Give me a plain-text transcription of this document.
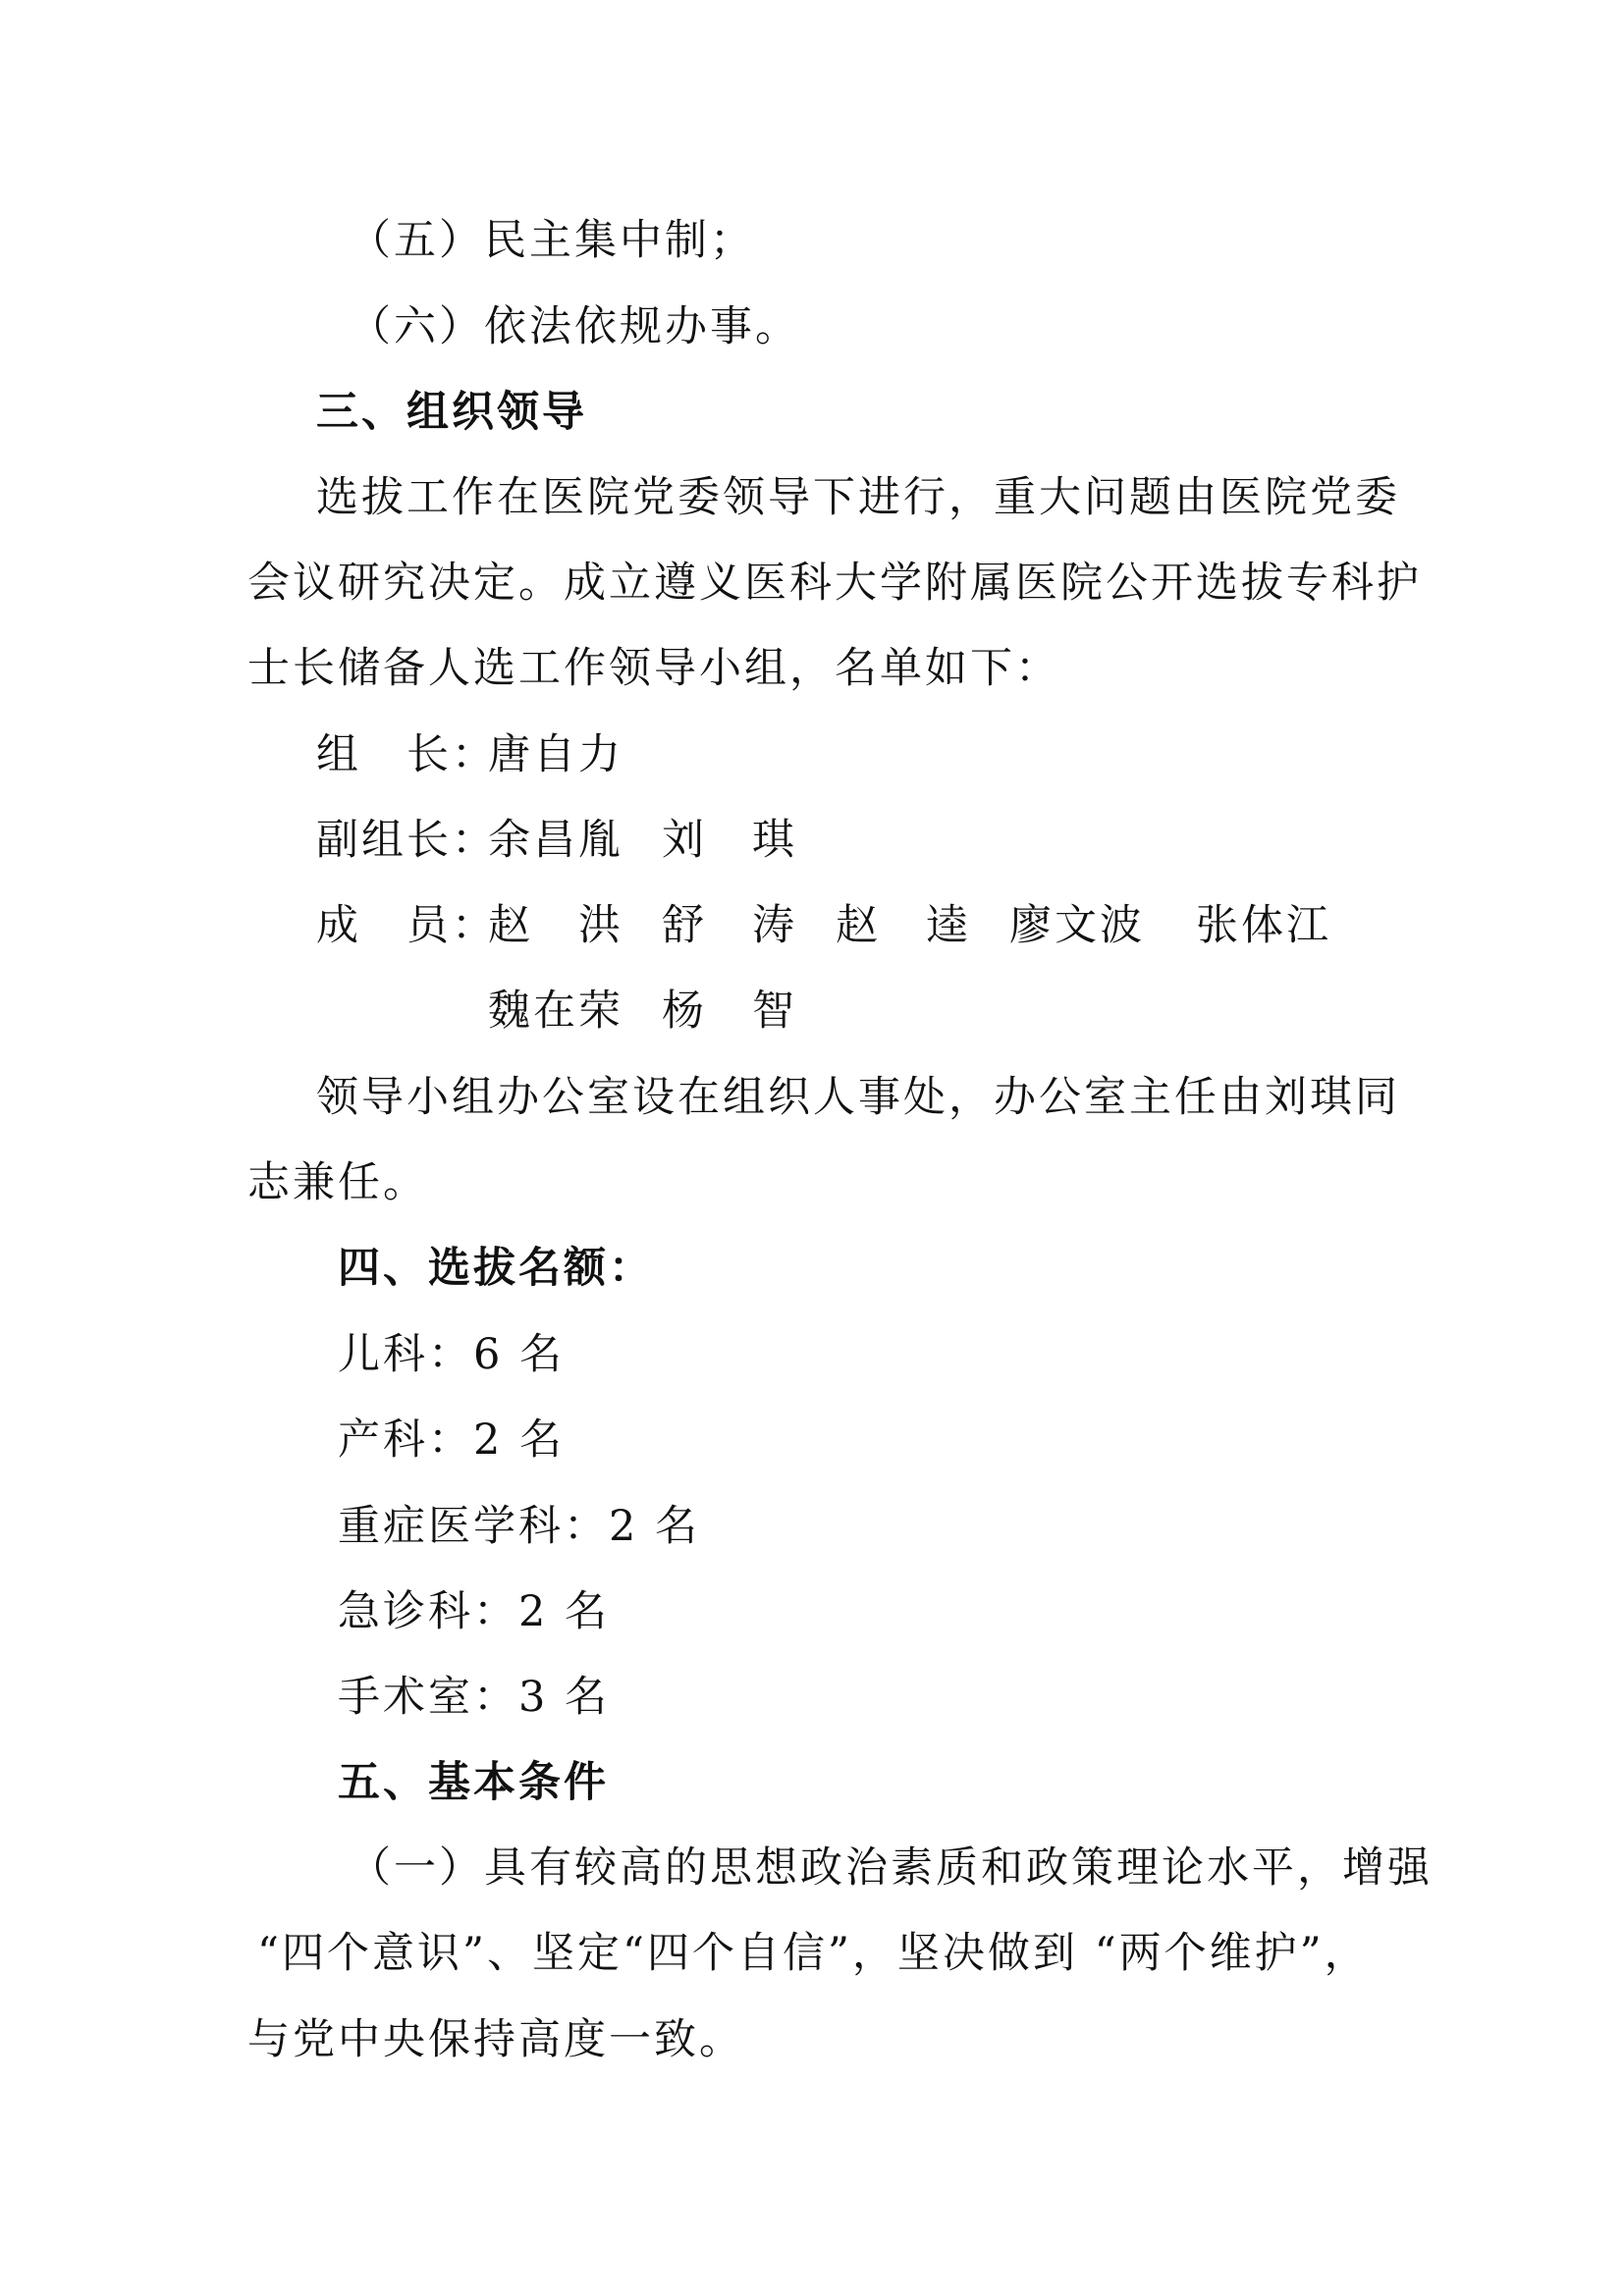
（五）民主集中制；
（六）依法依规办事。
三、组织领导
选拔工作在医院党委领导下进行，重大问题由医院党委
会议研究决定。成立遵义医科大学附属医院公开选拔专科护
士长储备人选工作领导小组，名单如下：
组　长：
唐自力
副组长：
余昌胤 刘　琪
成　员：
赵　洪 舒　涛 赵　逵 廖文波 张体江
魏在荣 杨　智
领导小组办公室设在组织人事处，办公室主任由刘琪同
志兼任。
四、选拔名额：
儿科：6 名
产科：2 名
重症医学科：2 名
急诊科：2 名
手术室：3 名
五、基本条件
（一）具有较高的思想政治素质和政策理论水平，增强
“四个意识”、坚定“四个自信”，坚决做到 “两个维护”，
与党中央保持高度一致。
